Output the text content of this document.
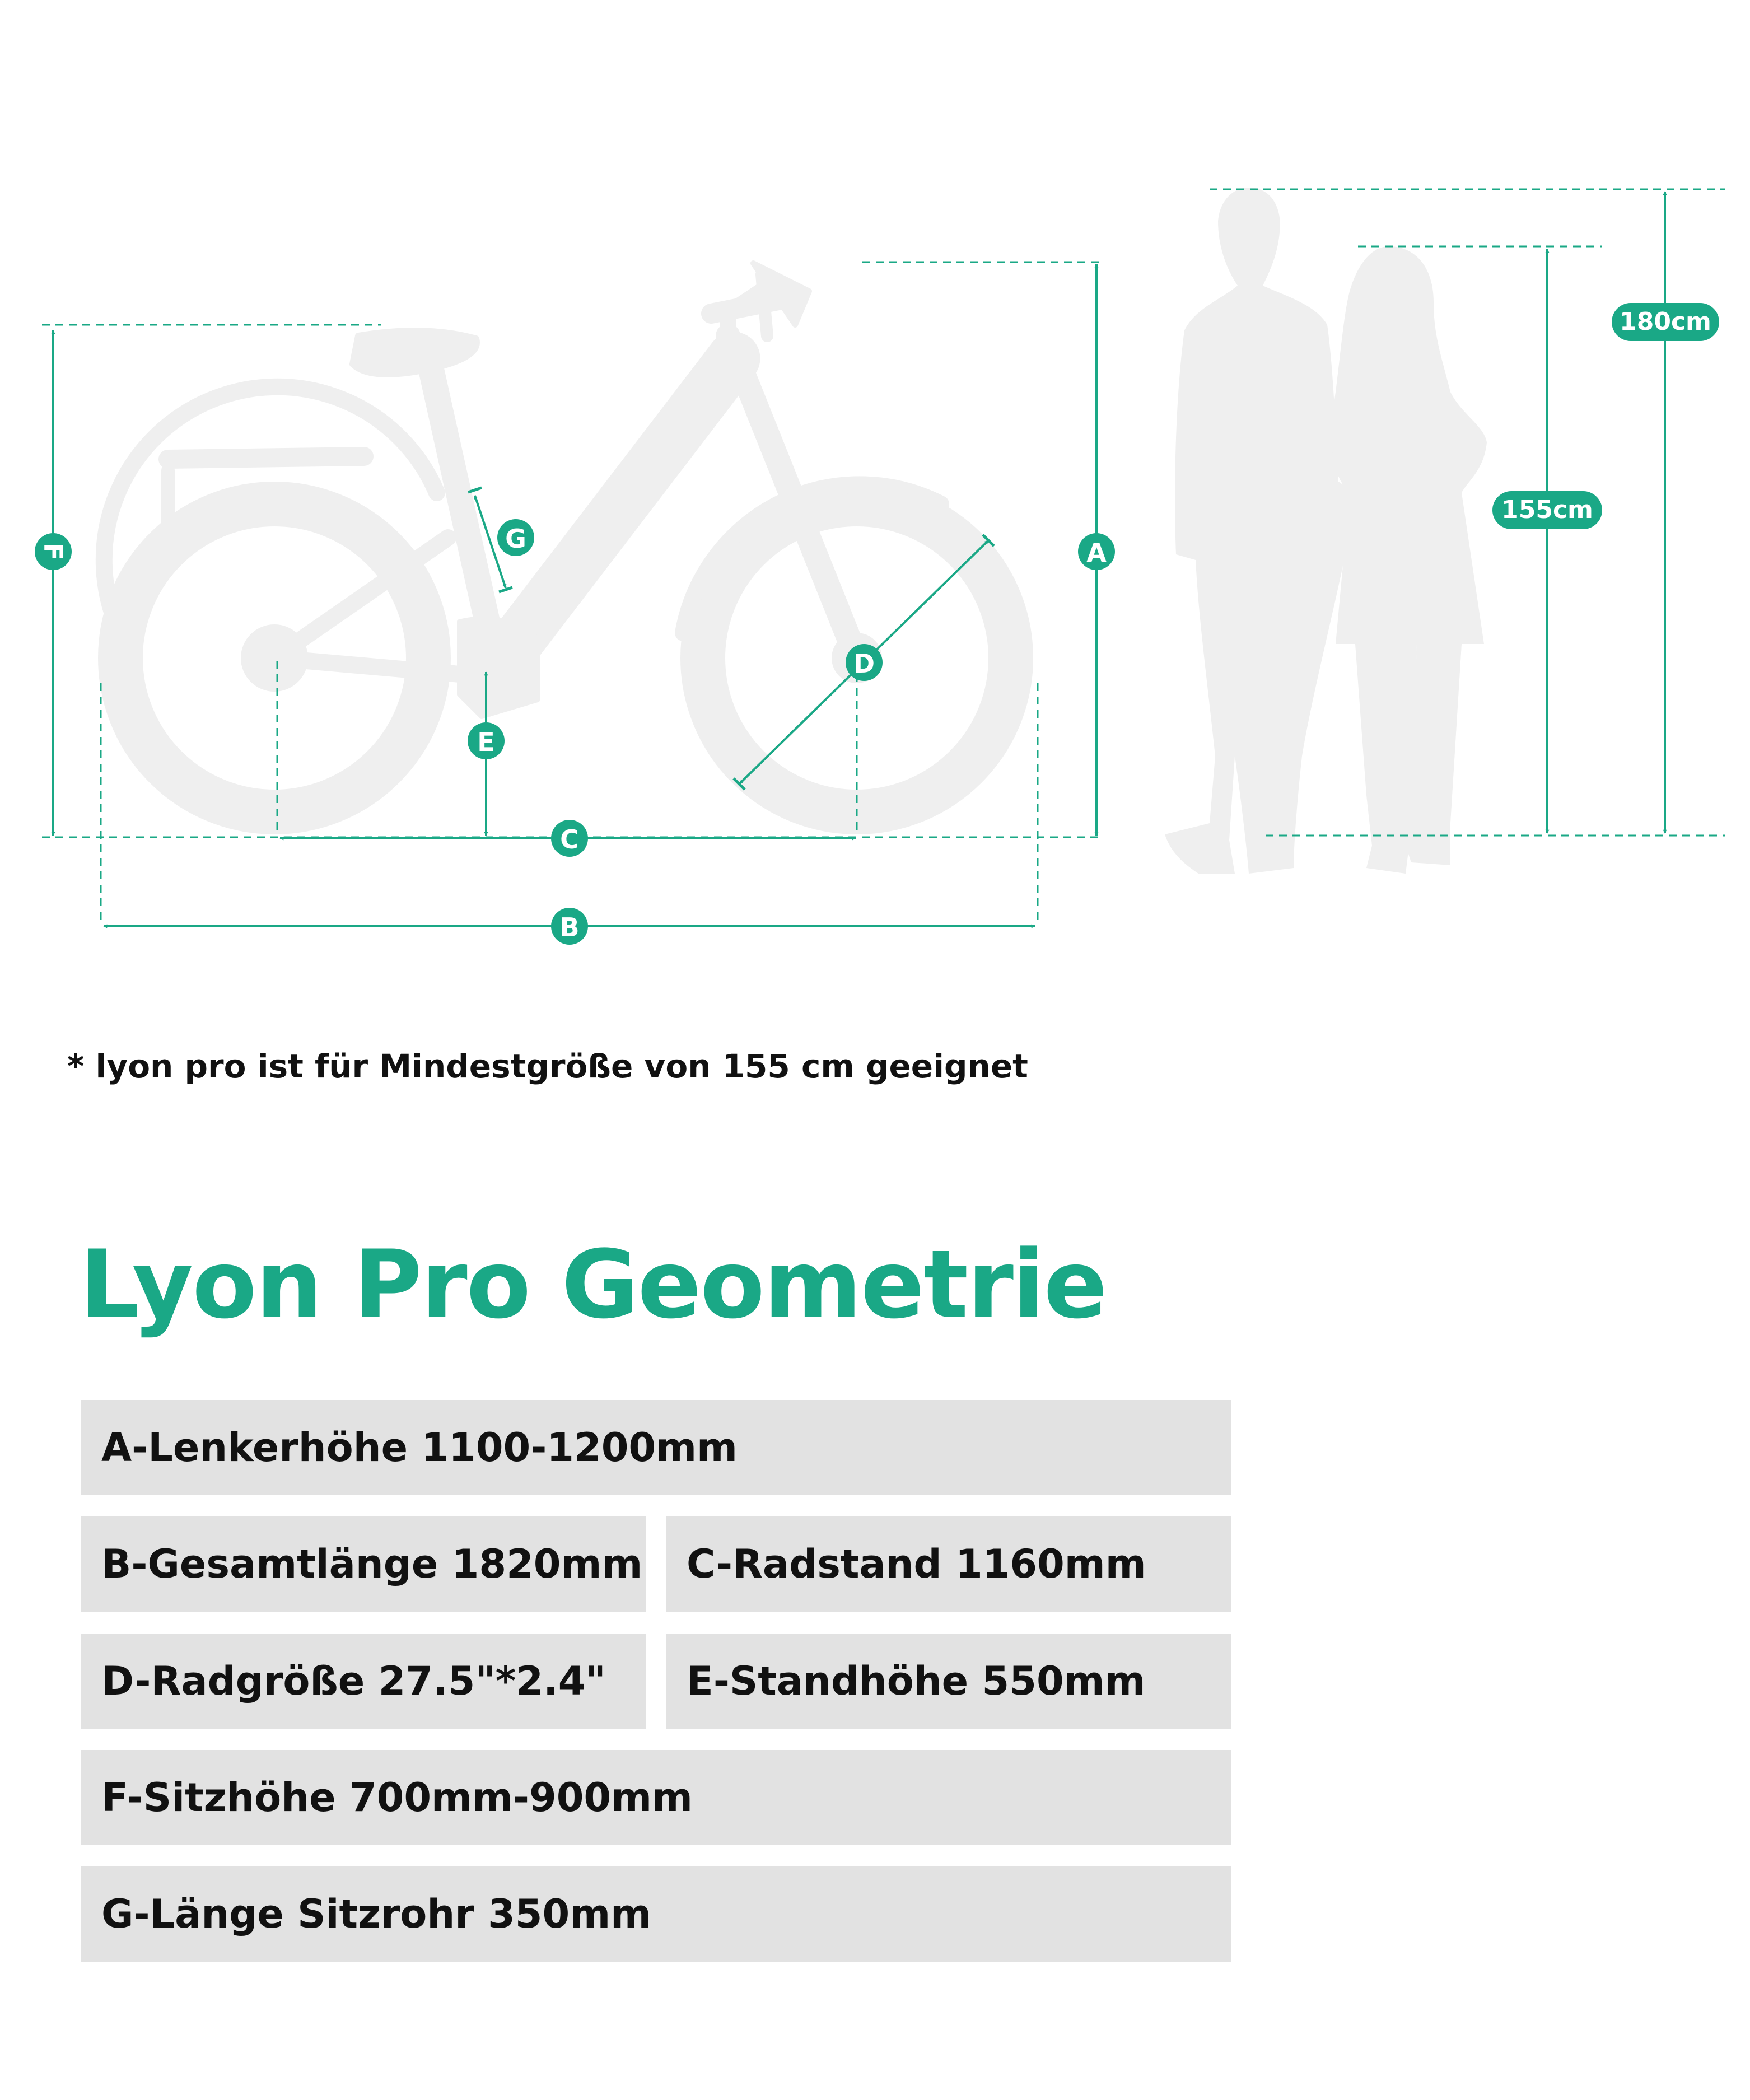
A
B
C
D
E
F	G
180cm
155cm
* lyon pro ist für Mindestgröße von 155 cm geeignet
Lyon Pro Geometrie
A-Lenkerhöhe 1100-1200mm
B-Gesamtlänge 1820mm	C-Radstand 1160mm
D-Radgröße 27.5"*2.4"	E-Standhöhe 550mm
F-Sitzhöhe 700mm-900mm
G-Länge Sitzrohr 350mm
